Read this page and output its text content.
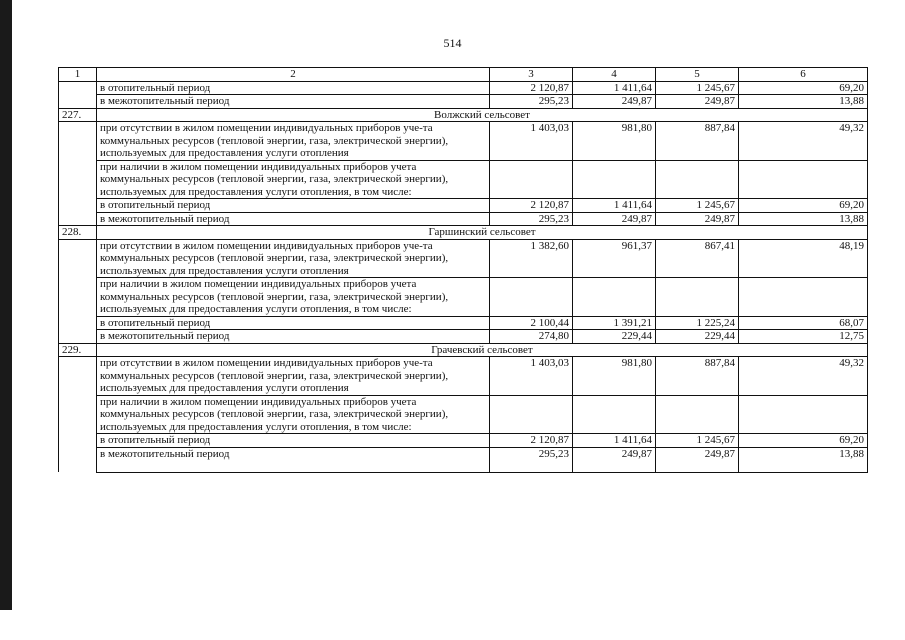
514
1	2	3	4	5	6
	в отопительный период	2 120,87	1 411,64	1 245,67	69,20
	в межотопительный период	295,23	249,87	249,87	13,88
227.	Волжский сельсовет				
	при отсутствии в жилом помещении индивидуальных приборов уче-та коммунальных ресурсов (тепловой энергии, газа, электрической энергии), используемых для предоставления услуги отопления	1 403,03	981,80	887,84	49,32
	при наличии в жилом помещении индивидуальных приборов учета коммунальных ресурсов (тепловой энергии, газа, электрической энергии), используемых для предоставления услуги отопления, в том числе:				
	в отопительный период	2 120,87	1 411,64	1 245,67	69,20
	в межотопительный период	295,23	249,87	249,87	13,88
228.	Гаршинский сельсовет				
	при отсутствии в жилом помещении индивидуальных приборов уче-та коммунальных ресурсов (тепловой энергии, газа, электрической энергии), используемых для предоставления услуги отопления	1 382,60	961,37	867,41	48,19
	при наличии в жилом помещении индивидуальных приборов учета коммунальных ресурсов (тепловой энергии, газа, электрической энергии), используемых для предоставления услуги отопления, в том числе:				
	в отопительный период	2 100,44	1 391,21	1 225,24	68,07
	в межотопительный период	274,80	229,44	229,44	12,75
229.	Грачевский сельсовет				
	при отсутствии в жилом помещении индивидуальных приборов уче-та коммунальных ресурсов (тепловой энергии, газа, электрической энергии), используемых для предоставления услуги отопления	1 403,03	981,80	887,84	49,32
	при наличии в жилом помещении индивидуальных приборов учета коммунальных ресурсов (тепловой энергии, газа, электрической энергии), используемых для предоставления услуги отопления, в том числе:				
	в отопительный период	2 120,87	1 411,64	1 245,67	69,20
	в межотопительный период	295,23	249,87	249,87	13,88
